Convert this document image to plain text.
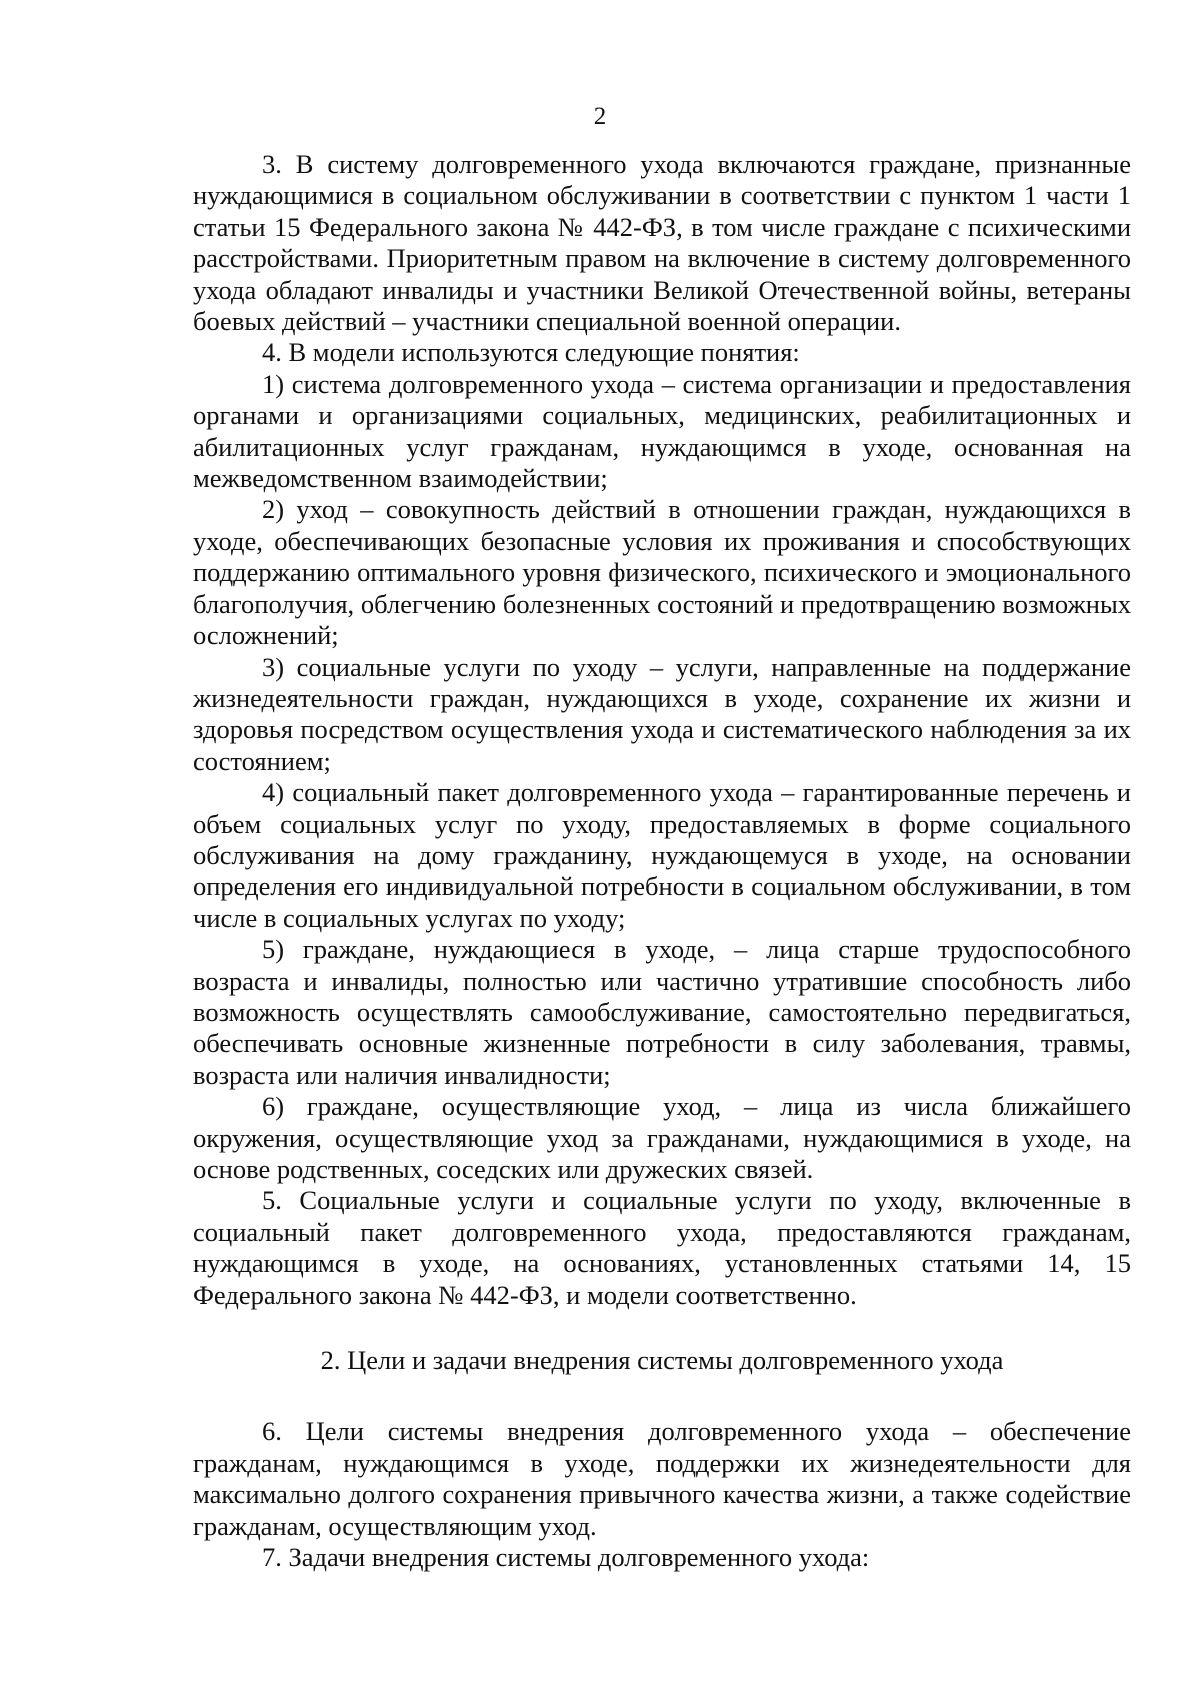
2

3. В систему долговременного ухода включаются граждане, признанные нуждающимися в социальном обслуживании в соответствии с пунктом 1 части 1 статьи 15 Федерального закона № 442-ФЗ, в том числе граждане с психическими расстройствами. Приоритетным правом на включение в систему долговременного ухода обладают инвалиды и участники Великой Отечественной войны, ветераны боевых действий – участники специальной военной операции.

4. В модели используются следующие понятия:

1) система долговременного ухода – система организации и предоставления органами и организациями социальных, медицинских, реабилитационных и абилитационных услуг гражданам, нуждающимся в уходе, основанная на межведомственном взаимодействии;

2) уход – совокупность действий в отношении граждан, нуждающихся в уходе, обеспечивающих безопасные условия их проживания и способствующих поддержанию оптимального уровня физического, психического и эмоционального благополучия, облегчению болезненных состояний и предотвращению возможных осложнений;

3) социальные услуги по уходу – услуги, направленные на поддержание жизнедеятельности граждан, нуждающихся в уходе, сохранение их жизни и здоровья посредством осуществления ухода и систематического наблюдения за их состоянием;

4) социальный пакет долговременного ухода – гарантированные перечень и объем социальных услуг по уходу, предоставляемых в форме социального обслуживания на дому гражданину, нуждающемуся в уходе, на основании определения его индивидуальной потребности в социальном обслуживании, в том числе в социальных услугах по уходу;

5) граждане, нуждающиеся в уходе, – лица старше трудоспособного возраста и инвалиды, полностью или частично утратившие способность либо возможность осуществлять самообслуживание, самостоятельно передвигаться, обеспечивать основные жизненные потребности в силу заболевания, травмы, возраста или наличия инвалидности;

6) граждане, осуществляющие уход, – лица из числа ближайшего окружения, осуществляющие уход за гражданами, нуждающимися в уходе, на основе родственных, соседских или дружеских связей.

5. Социальные услуги и социальные услуги по уходу, включенные в социальный пакет долговременного ухода, предоставляются гражданам, нуждающимся в уходе, на основаниях, установленных статьями 14, 15 Федерального закона № 442-ФЗ, и модели соответственно.

2. Цели и задачи внедрения системы долговременного ухода

6. Цели системы внедрения долговременного ухода – обеспечение гражданам, нуждающимся в уходе, поддержки их жизнедеятельности для максимально долгого сохранения привычного качества жизни, а также содействие гражданам, осуществляющим уход.

7. Задачи внедрения системы долговременного ухода:
